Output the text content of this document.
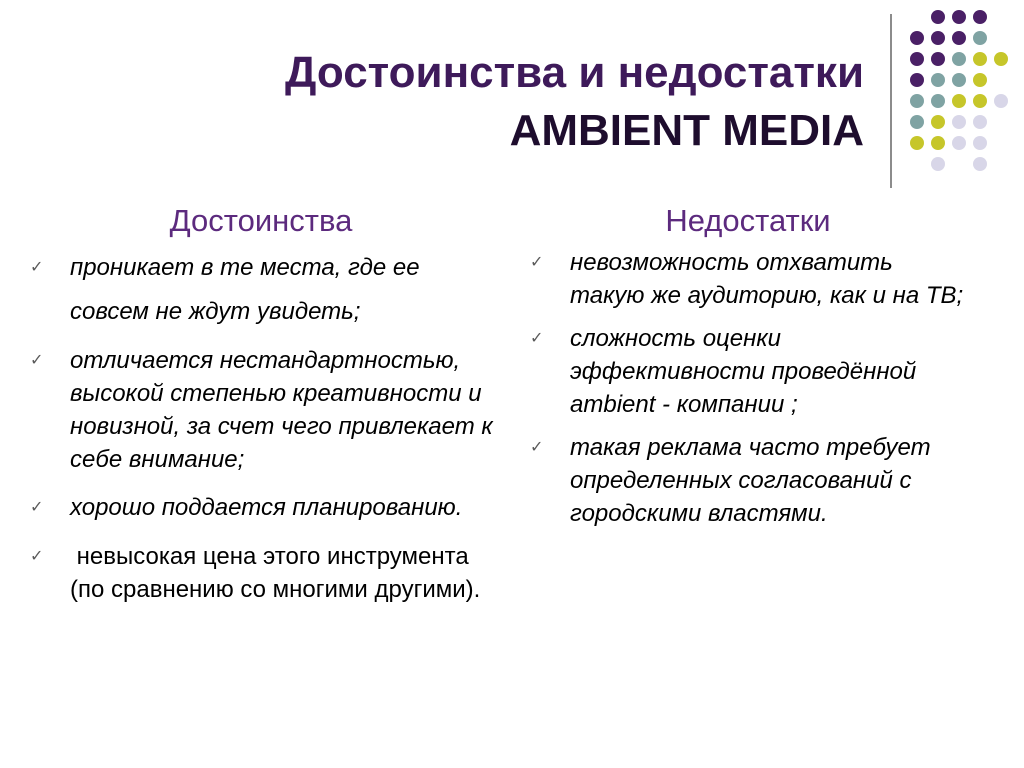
Достоинства и недостатки
AMBIENT MEDIA
Достоинства
✓ проникает в те места, где ее совсем не ждут увидеть;
✓ отличается нестандартностью, высокой степенью креативности и новизной, за счет чего привлекает к себе внимание;
✓ хорошо поддается планированию.
✓ невысокая цена этого инструмента (по сравнению со многими другими).
Недостатки
✓ невозможность отхватить такую же аудиторию, как и на ТВ;
✓ сложность оценки эффективности проведённой ambient - компании ;
✓ такая реклама часто требует определенных согласований с городскими властями.
